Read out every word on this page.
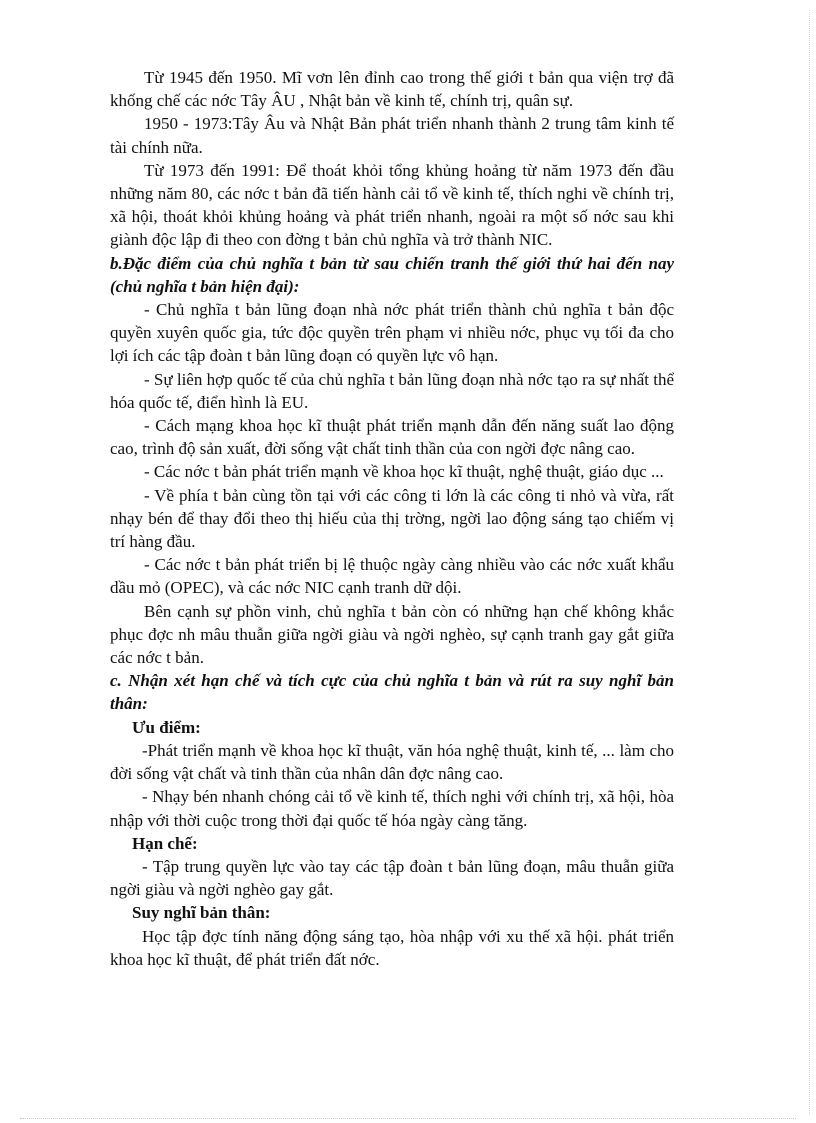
Từ 1945 đến 1950. Mĩ vơn lên đỉnh cao trong thế giới t bản qua viện trợ đã khống chế các nớc Tây ÂU , Nhật bản về kinh tế, chính trị, quân sự.

1950 - 1973:Tây Âu và Nhật Bản phát triển nhanh thành 2 trung tâm kinh tế tài chính nữa.

Từ 1973 đến 1991: Để thoát khỏi tổng khủng hoảng từ năm 1973 đến đầu những năm 80, các nớc t bản đã tiến hành cải tổ về kinh tế, thích nghi về chính trị, xã hội, thoát khỏi khủng hoảng và phát triển nhanh, ngoài ra một số nớc sau khi giành độc lập đi theo con đờng t bản chủ nghĩa và trở thành NIC.

b.Đặc điểm của chủ nghĩa t bản từ sau chiến tranh thế giới thứ hai đến nay (chủ nghĩa t bản hiện đại):

- Chủ nghĩa t bản lũng đoạn nhà nớc phát triển thành chủ nghĩa t bản độc quyền xuyên quốc gia, tức độc quyền trên phạm vi nhiều nớc, phục vụ tối đa cho lợi ích các tập đoàn t bản lũng đoạn có quyền lực vô hạn.

- Sự liên hợp quốc tế của chủ nghĩa t bản lũng đoạn nhà nớc tạo ra sự nhất thể hóa quốc tế, điển hình là EU.

- Cách mạng khoa học kĩ thuật phát triển mạnh dẫn đến năng suất lao động cao, trình độ sản xuất, đời sống vật chất tinh thần của con ngời đợc nâng cao.

- Các nớc t bản phát triển mạnh về khoa học kĩ thuật, nghệ thuật, giáo dục ...

- Về phía t bản cùng tồn tại với các công ti lớn là các công ti nhỏ và vừa, rất nhạy bén để thay đổi theo thị hiếu của thị trờng, ngời lao động sáng tạo chiếm vị trí hàng đầu.

- Các nớc t bản phát triển bị lệ thuộc ngày càng nhiều vào các nớc xuất khẩu dầu mỏ (OPEC), và các nớc NIC cạnh tranh dữ dội.

Bên cạnh sự phồn vinh, chủ nghĩa t bản còn có những hạn chế không khắc phục đợc nh mâu thuẫn giữa ngời giàu và ngời nghèo, sự cạnh tranh gay gắt giữa các nớc t bản.

c. Nhận xét hạn chế và tích cực của chủ nghĩa t bản và rút ra suy nghĩ bản thân:

Ưu điểm:

-Phát triển mạnh về khoa học kĩ thuật, văn hóa nghệ thuật, kinh tế, ... làm cho đời sống vật chất và tinh thần của nhân dân đợc nâng cao.

- Nhạy bén nhanh chóng cải tổ về kinh tế, thích nghi với chính trị, xã hội, hòa nhập với thời cuộc trong thời đại quốc tế hóa ngày càng tăng.

Hạn chế:

- Tập trung quyền lực vào tay các tập đoàn t bản lũng đoạn, mâu thuẫn giữa ngời giàu và ngời nghèo gay gắt.

Suy nghĩ bản thân:

Học tập đợc tính năng động sáng tạo, hòa nhập với xu thế xã hội. phát triển khoa học kĩ thuật, để phát triển đất nớc.
